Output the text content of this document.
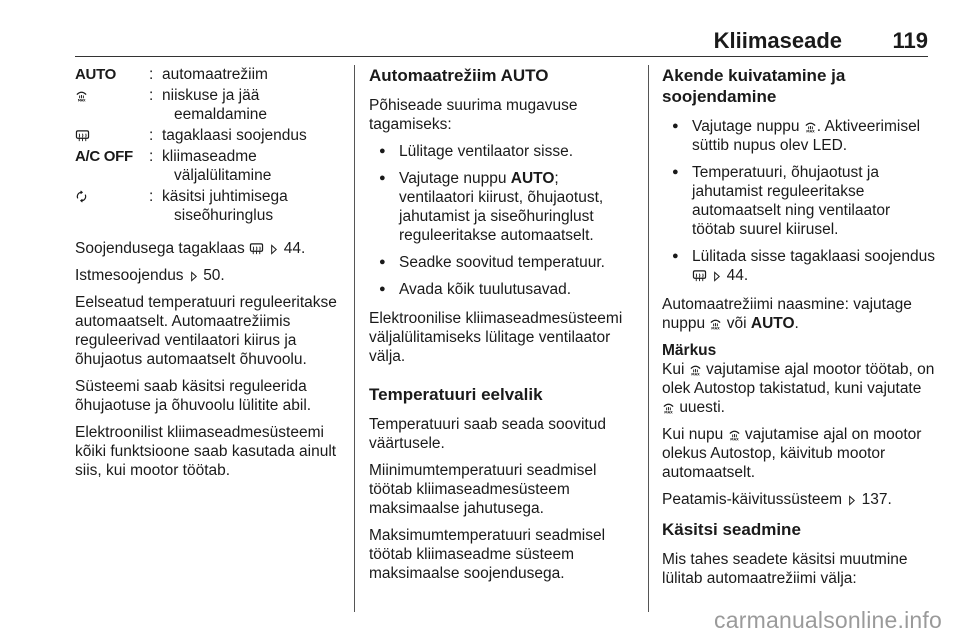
Kliimaseade 119
AUTO	: automaatrežiim
: niiskuse ja jää
eemaldamine
: tagaklaasi soojendus
A/C OFF	: kliimaseadme
väljalülitamine
: käsitsi juhtimisega
siseõhuringlus

Soojendusega tagaklaas
	44.

Istmesoojendus 50.

Eelseatud temperatuuri reguleeritakse automaatselt. Automaatrežiimis reguleerivad ventilaatori kiirus ja õhujaotus automaatselt õhuvoolu.

Süsteemi saab käsitsi reguleerida õhujaotuse ja õhuvoolu lülitite abil.

Elektroonilist kliimaseadmesüsteemi kõiki funktsioone saab kasutada ainult siis, kui mootor töötab.

Automaatrežiim AUTO

Põhiseade suurima mugavuse tagamiseks:

● Lülitage ventilaator sisse.
● Vajutage nuppu AUTO; ventilaatori kiirust, õhujaotust, jahutamist ja siseõhuringlust reguleeritakse automaatselt.
● Seadke soovitud temperatuur.
● Avada kõik tuulutusavad.

Elektroonilise kliimaseadmesüsteemi väljalülitamiseks lülitage ventilaator välja.

Temperatuuri eelvalik

Temperatuuri saab seada soovitud väärtusele.

Miinimumtemperatuuri seadmisel töötab kliimaseadmesüsteem maksimaalse jahutusega.

Maksimumtemperatuuri seadmisel töötab kliimaseadme süsteem maksimaalse soojendusega.

Akende kuivatamine ja soojendamine
● Vajutage nuppu . Aktiveerimisel süttib nupus olev LED.
● Temperatuuri, õhujaotust ja jahutamist reguleeritakse automaatselt ning ventilaator töötab suurel kiirusel.
● Lülitada sisse tagaklaasi soojendus

44.

Automaatrežiimi naasmine: vajutage nuppu või AUTO.

Märkus

Kui vajutamise ajal mootor töötab, on olek Autostop takistatud, kuni vajutate
uuesti.

Kui nupu vajutamise ajal on mootor olekus Autostop, käivitub mootor automaatselt.

Peatamis-käivitussüsteem 137.

Käsitsi seadmine

Mis tahes seadete käsitsi muutmine lülitab automaatrežiimi välja:

carmanualsonline.info
